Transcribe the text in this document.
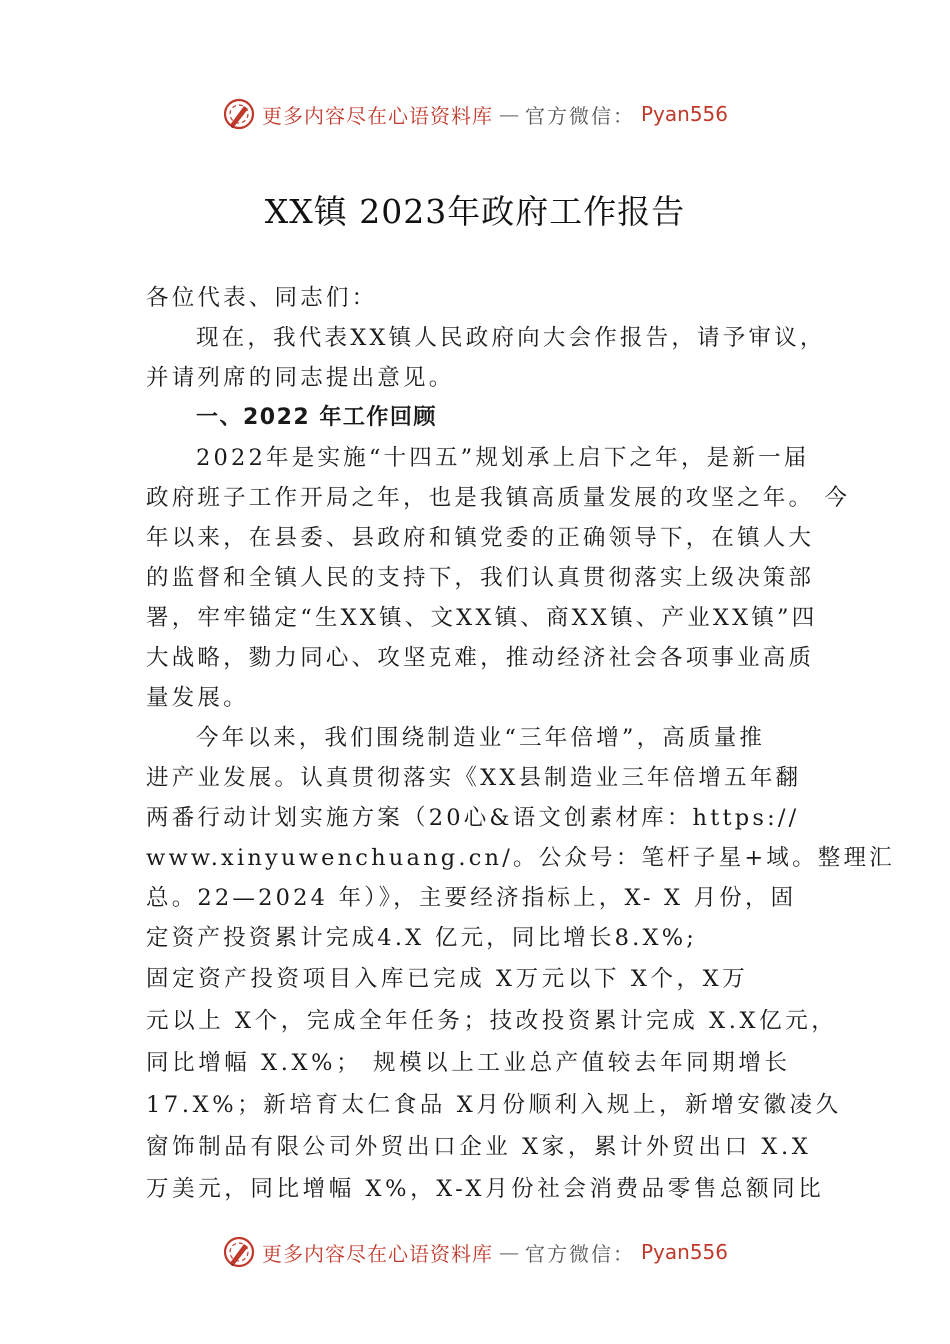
更多内容尽在心语资料库 — 官方微信： Pyan556
XX镇 2023年政府工作报告

各位代表、同志们：

现在，我代表XX镇人民政府向大会作报告，请予审议，

并请列席的同志提出意见。

一、2022 年工作回顾

2022年是实施“十四五”规划承上启下之年，是新一届

政府班子工作开局之年，也是我镇高质量发展的攻坚之年。 今

年以来，在县委、县政府和镇党委的正确领导下，在镇人大

的监督和全镇人民的支持下，我们认真贯彻落实上级决策部

署，牢牢锚定“生XX镇、文XX镇、商XX镇、产业XX镇”四

大战略，勠力同心、攻坚克难，推动经济社会各项事业高质

量发展。

今年以来，我们围绕制造业“三年倍增”，高质量推

进产业发展。认真贯彻落实《XX县制造业三年倍增五年翻

两番行动计划实施方案（20心&语文创素材库：https://

www.xinyuwenchuang.cn/。公众号：笔杆子星+域。整理汇

总。22—2024 年）》，主要经济指标上，X- X 月份，固

定资产投资累计完成4.X 亿元，同比增长8.X%;

固定资产投资项目入库已完成 X万元以下 X个，X万

元以上 X个，完成全年任务；技改投资累计完成 X.X亿元，

同比增幅 X.X%； 规模以上工业总产值较去年同期增长

17.X%；新培育太仁食品 X月份顺利入规上，新增安徽凌久

窗饰制品有限公司外贸出口企业 X家，累计外贸出口 X.X

万美元，同比增幅 X%，X-X月份社会消费品零售总额同比

更多内容尽在心语资料库 — 官方微信： Pyan556
